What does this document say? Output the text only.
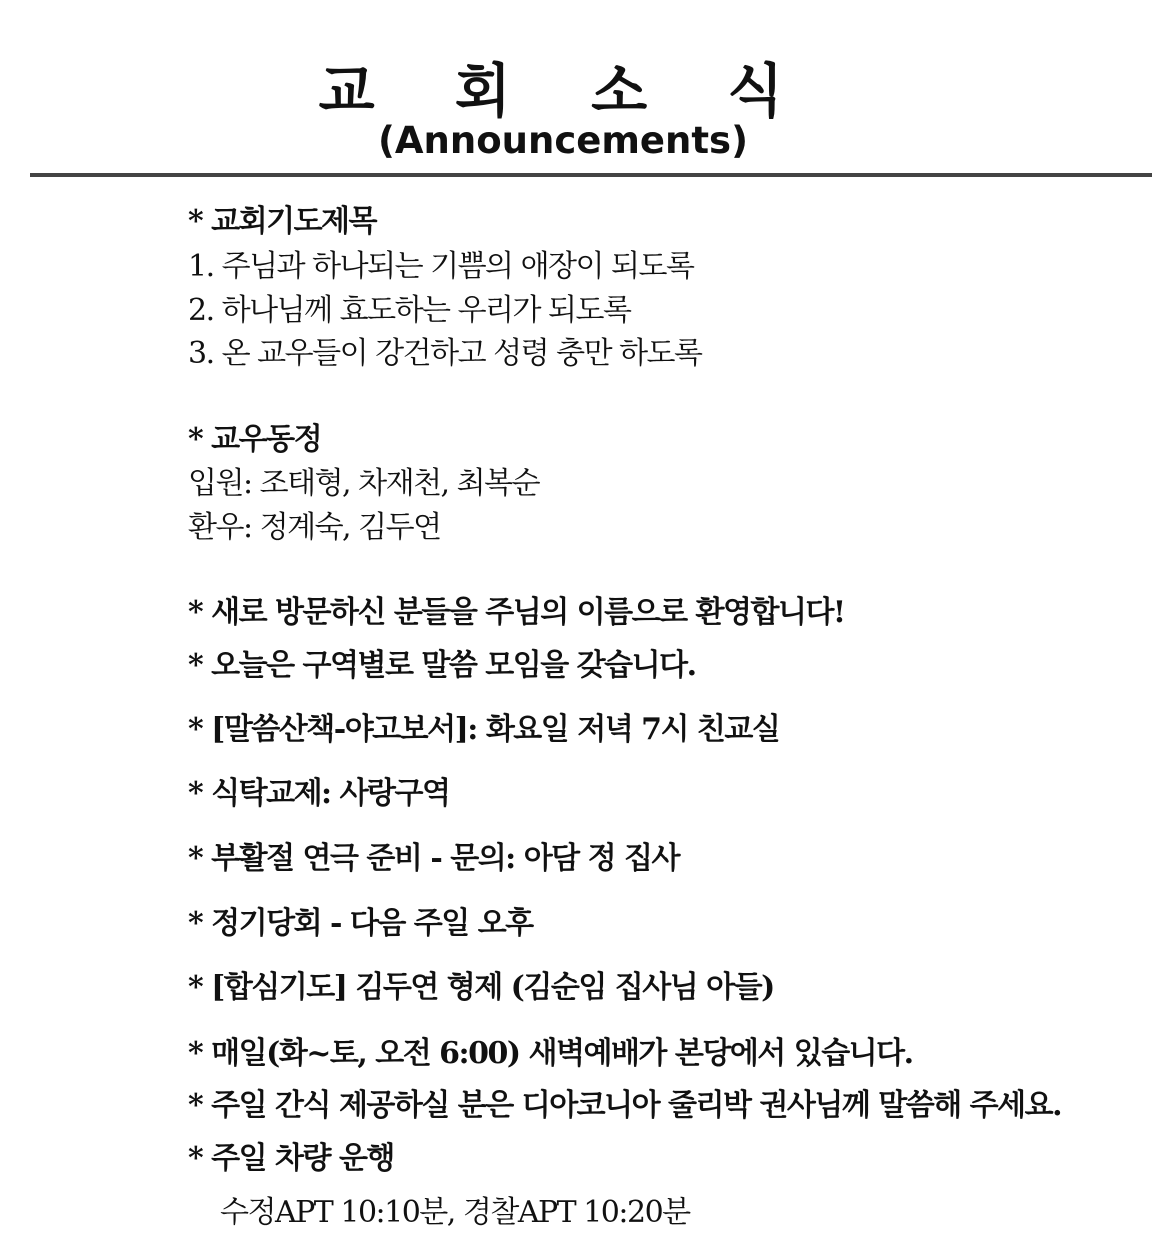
교 회 소 식
(Announcements)
* 교회기도제목
1. 주님과 하나되는 기쁨의 애장이 되도록
2. 하나님께 효도하는 우리가 되도록
3. 온 교우들이 강건하고 성령 충만 하도록
* 교우동정
입원: 조태형, 차재천, 최복순
환우: 정계숙, 김두연
* 새로 방문하신 분들을 주님의 이름으로 환영합니다!
* 오늘은 구역별로 말씀 모임을 갖습니다.
* [말씀산책-야고보서]: 화요일 저녁 7시 친교실
* 식탁교제: 사랑구역
* 부활절 연극 준비 - 문의: 아담 정 집사
* 정기당회 - 다음 주일 오후
* [합심기도] 김두연 형제 (김순임 집사님 아들)
* 매일(화~토, 오전 6:00) 새벽예배가 본당에서 있습니다.
* 주일 간식 제공하실 분은 디아코니아 줄리박 권사님께 말씀해 주세요.
* 주일 차량 운행
수정APT 10:10분, 경찰APT 10:20분
